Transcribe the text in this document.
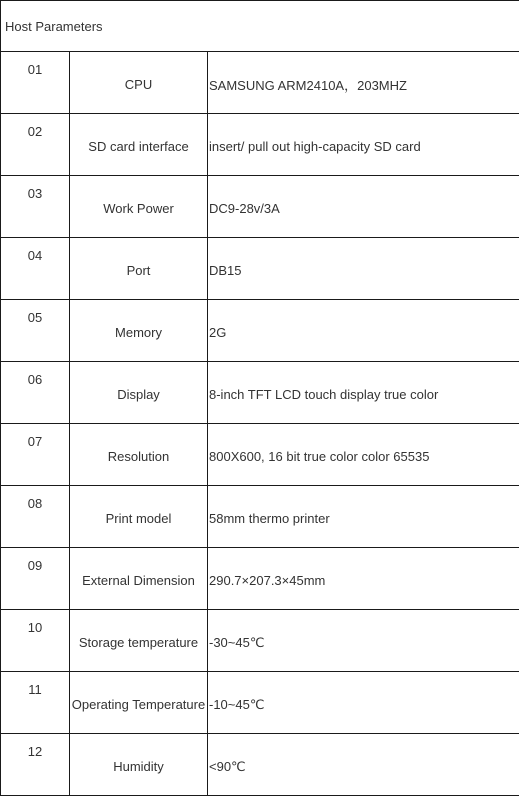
Host Parameters		
01	CPU	SAMSUNG ARM2410A，203MHZ
02	SD card interface	insert/ pull out high-capacity SD card
03	Work Power	DC9-28v/3A
04	Port	DB15
05	Memory	2G
06	Display	8-inch TFT LCD touch display true color
07	Resolution	800X600, 16 bit true color color 65535
08	Print model	58mm thermo printer
09	External Dimension	290.7×207.3×45mm
10	Storage temperature	-30~45℃
11	Operating Temperature	-10~45℃
12	Humidity	<90℃
